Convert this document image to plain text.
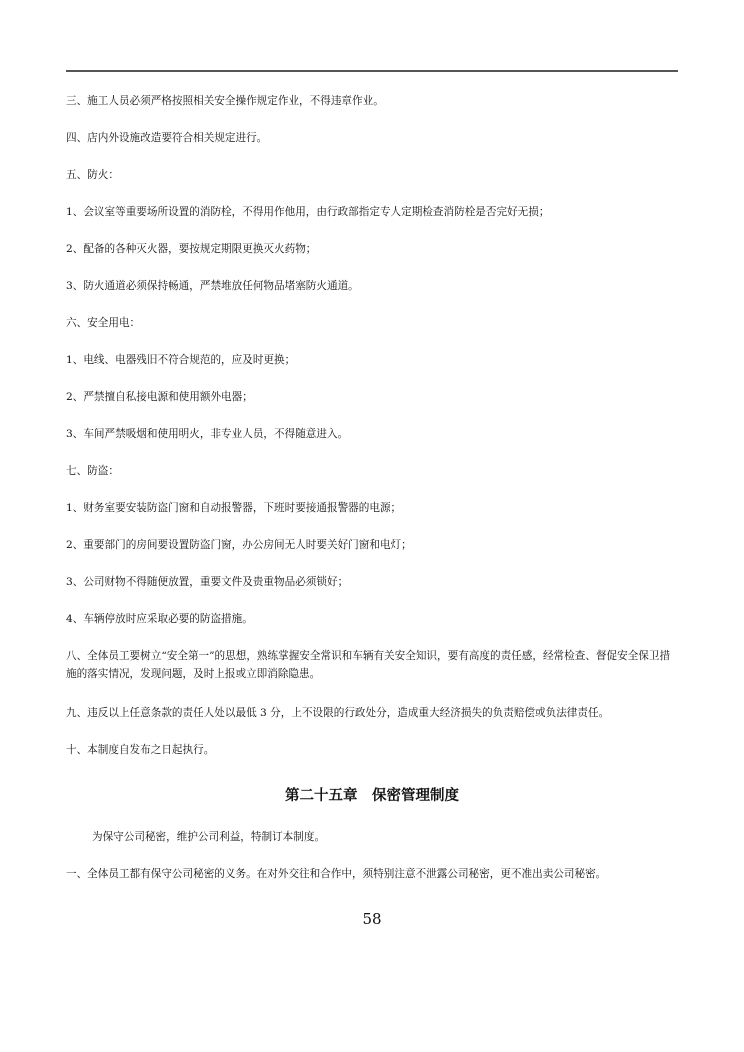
三、施工人员必须严格按照相关安全操作规定作业，不得违章作业。
四、店内外设施改造要符合相关规定进行。
五、防火：
1、会议室等重要场所设置的消防栓，不得用作他用，由行政部指定专人定期检查消防栓是否完好无损；
2、配备的各种灭火器，要按规定期限更换灭火药物；
3、防火通道必须保持畅通，严禁堆放任何物品堵塞防火通道。
六、安全用电：
1、电线、电器残旧不符合规范的，应及时更换；
2、严禁擅自私接电源和使用额外电器；
3、车间严禁吸烟和使用明火，非专业人员，不得随意进入。
七、防盗：
1、财务室要安装防盗门窗和自动报警器，下班时要接通报警器的电源；
2、重要部门的房间要设置防盗门窗，办公房间无人时要关好门窗和电灯；
3、公司财物不得随便放置，重要文件及贵重物品必须锁好；
4、车辆停放时应采取必要的防盗措施。
八、全体员工要树立“安全第一”的思想，熟练掌握安全常识和车辆有关安全知识，要有高度的责任感，经常检查、督促安全保卫措施的落实情况，发现问题，及时上报或立即消除隐患。
九、违反以上任意条款的责任人处以最低 3 分，上不设限的行政处分，造成重大经济损失的负责赔偿或负法律责任。
十、本制度自发布之日起执行。
第二十五章　保密管理制度
为保守公司秘密，维护公司利益，特制订本制度。
一、全体员工都有保守公司秘密的义务。在对外交往和合作中，须特别注意不泄露公司秘密，更不准出卖公司秘密。
58
